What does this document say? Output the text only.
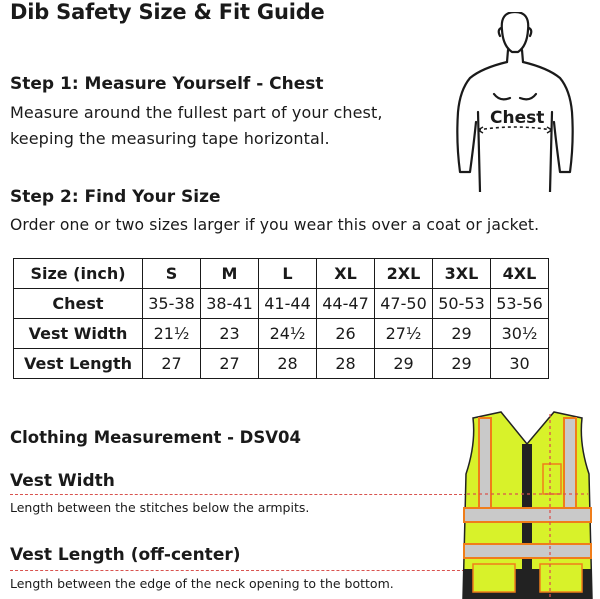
Dib Safety Size & Fit Guide
Step 1: Measure Yourself - Chest
Measure around the fullest part of your chest, keeping the measuring tape horizontal.
Step 2: Find Your Size
Order one or two sizes larger if you wear this over a coat or jacket.
Chest
Size (inch)	S	M	L	XL	2XL	3XL	4XL
Chest	35-38	38-41	41-44	44-47	47-50	50-53	53-56
Vest Width	21½	23	24½	26	27½	29	30½
Vest Length	27	27	28	28	29	29	30
Clothing Measurement - DSV04
Vest Width
Length between the stitches below the armpits.
Vest Length (off-center)
Length between the edge of the neck opening to the bottom.
